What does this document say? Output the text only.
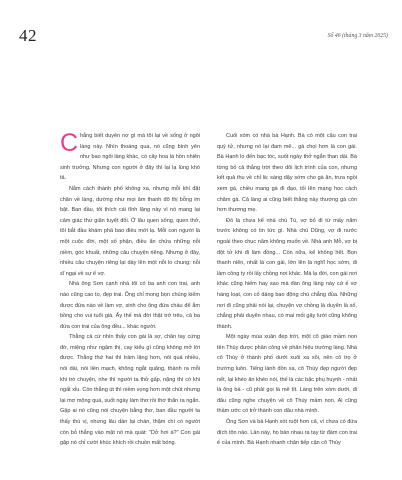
42	Số 46 (tháng 3 năm 2025)

Chẳng biết duyên nợ gì mà tôi lại về sống ở ngôi làng này. Nhìn thoáng qua, nó cũng bình yên như bao ngôi làng khác, có cây hoa lá hồn nhiên sinh trưởng. Nhưng con người ở đây thì lại lạ lùng khó tả.

Nằm cách thành phố không xa, nhưng mỗi khi đặt chân về làng, dường như mọi âm thanh đô thị bỗng im bặt. Ban đầu, tôi thích cái tĩnh lặng này vì nó mang lại cảm giác thư giãn tuyệt đối. Ở lâu quen sống, quen thở, tôi bắt đầu khám phá bao điều mới lạ. Mỗi con người là một cuộc đời, một số phận, điều ẩn chứa những nỗi niềm, góc khuất, những câu chuyện riêng. Nhưng ở đây, nhiều câu chuyện riêng lại dày lên một nỗi lo chung: nỗi sĩ ngại về sự ế vợ.

Nhà ông Sơn cạnh nhà tôi có ba anh con trai, anh nào cũng cao to, đẹp trai. Ông chỉ mong bọn chúng kiếm được đứa nào về làm vợ, sinh cho ông đứa cháu để ẵm bồng cho vui tuổi già. Ấy thế mà đời thật trớ trêu, cả ba đứa con trai của ông đều... khác người.

Thằng cả cứ nhìn thấy con gái là sợ, chân tay cứng đờ, miệng như ngậm thị, cay kiểu gì cũng không mở lời được. Thằng thứ hai thì trầm lặng hơn, nói quá nhiều, nói dài, nói liền mạch, không ngắt quãng, thành ra mỗi khi trò chuyện, nhe thì người ta thở gấp, nặng thì có khi ngất xỉu. Còn thằng út thì niềm vọng hơn một chút nhưng lại mơ mộng quá, suốt ngày làm thơ rồi thơ thẩn ra ngẩn. Gặp ai nó cũng nói chuyện bằng thơ, ban đầu người ta thấy thú vị, nhưng lâu dần lại chán, thậm chí có người còn bỏ thẳng vào mặt nó mà quát: "Dở hơi à?" Con gái gặp nó chỉ cười khúc khích rồi chuồn mất bóng.

Cuối xóm có nhà bà Hạnh. Bà có một cậu con trai quý tử, nhưng nó lại đam mê... gà chọi hơn là con gái. Bà Hạnh lo đến bạc tóc, suốt ngày thở ngắn than dài. Bà từng bỏ cả thắng trời theo dõi lịch trình của con, nhưng kết quả thu về chỉ là: sáng dậy sớm cho gà ăn, trưa ngồi xem gà, chiều mang gà đi đạo, tối lên mạng học cách chăm gà. Cả làng ai cũng biết thằng này thương gà còn hơn thương mẹ.

Đó là chưa kể nhà chú Tú, vợ bỏ đi từ mấy năm trước không có tin tức gì. Nhà chú Dũng, vợ đi nước ngoài theo chục năm không muốn về. Nhà anh Mỗ, vợ bị đột tử khi đi làm đồng... Còn nữa, kể không hết. Bọn thanh niên, nhất là con gái, lớn lên là nghĩ học sớm, đi làm công ty rồi lấy chồng nơi khác. Mà lạ đời, con gái nơi khác cũng hiếm hay sao mà đàn ông làng này cứ ế vợ hàng loạt, con cố dáng bao động chú chẳng đủa. Những nơi đi cũng phải nói lại, chuyện vợ chồng là duyên là số, chẳng phải duyên nhau, có mai mối gây lưới cũng không thành.

Một ngày mùa xuân đẹp trời, một cô giáo mầm non tên Thúy được phân công về phân hiệu trường làng. Nhà cô Thúy ở thành phố dưới xuôi xa xôi, nên cô trọ ở trường luôn. Tiếng lành đồn xa, cô Thúy đẹp người đẹp nết, lại khéo ăn khéo nói, thế là các bậc phụ huynh - nhất là ông bà - cũ phải gọi là mê tít. Làng trên xóm dưới, đi đâu cũng nghe chuyện về cô Thúy mầm non. Ai cũng thầm ước có trở thành con dâu nhà mình.

Ông Sơn và bà Hạnh xót ruột hơn cả, vì chưa có đứa đích tôn nào. Lần này, họ bàn nhau ra tay từ đám con trai ế của mình. Bà Hạnh nhanh chân tiếp cận cô Thúy
